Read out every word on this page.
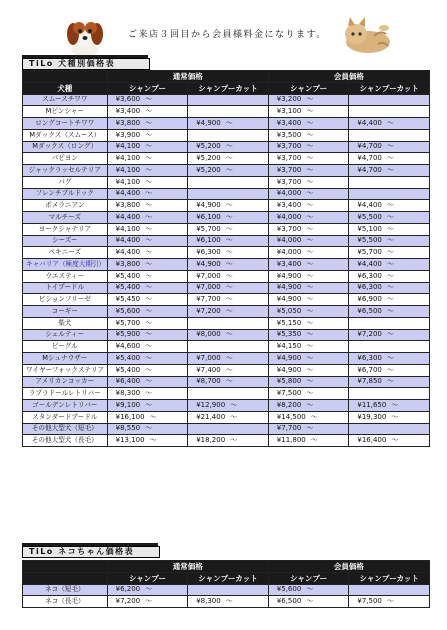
ご来店３回目から会員様料金になります。
TiLo 犬種別価格表
	通常価格		会員価格	
犬種	シャンプー	シャンプーカット	シャンプー	シャンプーカット
スムースチワワ	¥3,600 〜		¥3,200 〜	
Mピンシャー	¥3,400 〜		¥3,100 〜	
ロングコートチワワ	¥3,800 〜	¥4,900 〜	¥3,400 〜	¥4,400 〜
Mダックス（スムース）	¥3,900 〜		¥3,500 〜	
Mダックス（ロング）	¥4,100 〜	¥5,200 〜	¥3,700 〜	¥4,700 〜
パピヨン	¥4,100 〜	¥5,200 〜	¥3,700 〜	¥4,700 〜
ジャックラッセルテリア	¥4,100 〜	¥5,200 〜	¥3,700 〜	¥4,700 〜
パグ	¥4,100 〜		¥3,700 〜	
フレンチブルドック	¥4,400 〜		¥4,000 〜	
ポメラニアン	¥3,800 〜	¥4,900 〜	¥3,400 〜	¥4,400 〜
マルチーズ	¥4,400 〜	¥6,100 〜	¥4,000 〜	¥5,500 〜
ヨークシャテリア	¥4,100 〜	¥5,700 〜	¥3,700 〜	¥5,100 〜
シーズー	¥4,400 〜	¥6,100 〜	¥4,000 〜	¥5,500 〜
ペキニーズ	¥4,400 〜	¥6,300 〜	¥4,000 〜	¥5,700 〜
キャバリア（極度大期引）	¥3,800 〜	¥4,900 〜	¥3,400 〜	¥4,400 〜
ウエスティー	¥5,400 〜	¥7,000 〜	¥4,900 〜	¥6,300 〜
トイプードル	¥5,400 〜	¥7,000 〜	¥4,900 〜	¥6,300 〜
ビションフリーゼ	¥5,450 〜	¥7,700 〜	¥4,900 〜	¥6,900 〜
コーギー	¥5,600 〜	¥7,200 〜	¥5,050 〜	¥6,500 〜
柴犬	¥5,700 〜		¥5,150 〜	
シェルティー	¥5,900 〜	¥8,000 〜	¥5,350 〜	¥7,200 〜
ビーグル	¥4,600 〜		¥4,150 〜	
Mシュナウザー	¥5,400 〜	¥7,000 〜	¥4,900 〜	¥6,300 〜
ワイヤーフォックステリア	¥5,400 〜	¥7,400 〜	¥4,900 〜	¥6,700 〜
アメリカンコッカー	¥6,400 〜	¥8,700 〜	¥5,800 〜	¥7,850 〜
ラブラドールレトリバー	¥8,300 〜		¥7,500 〜	
ゴールデンレトリバー	¥9,100 〜	¥12,900 〜	¥8,200 〜	¥11,650 〜
スタンダードプードル	¥16,100 〜	¥21,400 〜	¥14,500 〜	¥19,300 〜
その他大型犬（短毛）	¥8,550 〜		¥7,700 〜	
その他大型犬（長毛）	¥13,100 〜	¥18,200 〜	¥11,800 〜	¥16,400 〜
TiLo ネコちゃん価格表
	通常価格		会員価格	
	シャンプー	シャンプーカット	シャンプー	シャンプーカット
ネコ（短毛）	¥6,200 〜		¥5,600 〜	
ネコ（長毛）	¥7,200 〜	¥8,300 〜	¥6,500 〜	¥7,500 〜
